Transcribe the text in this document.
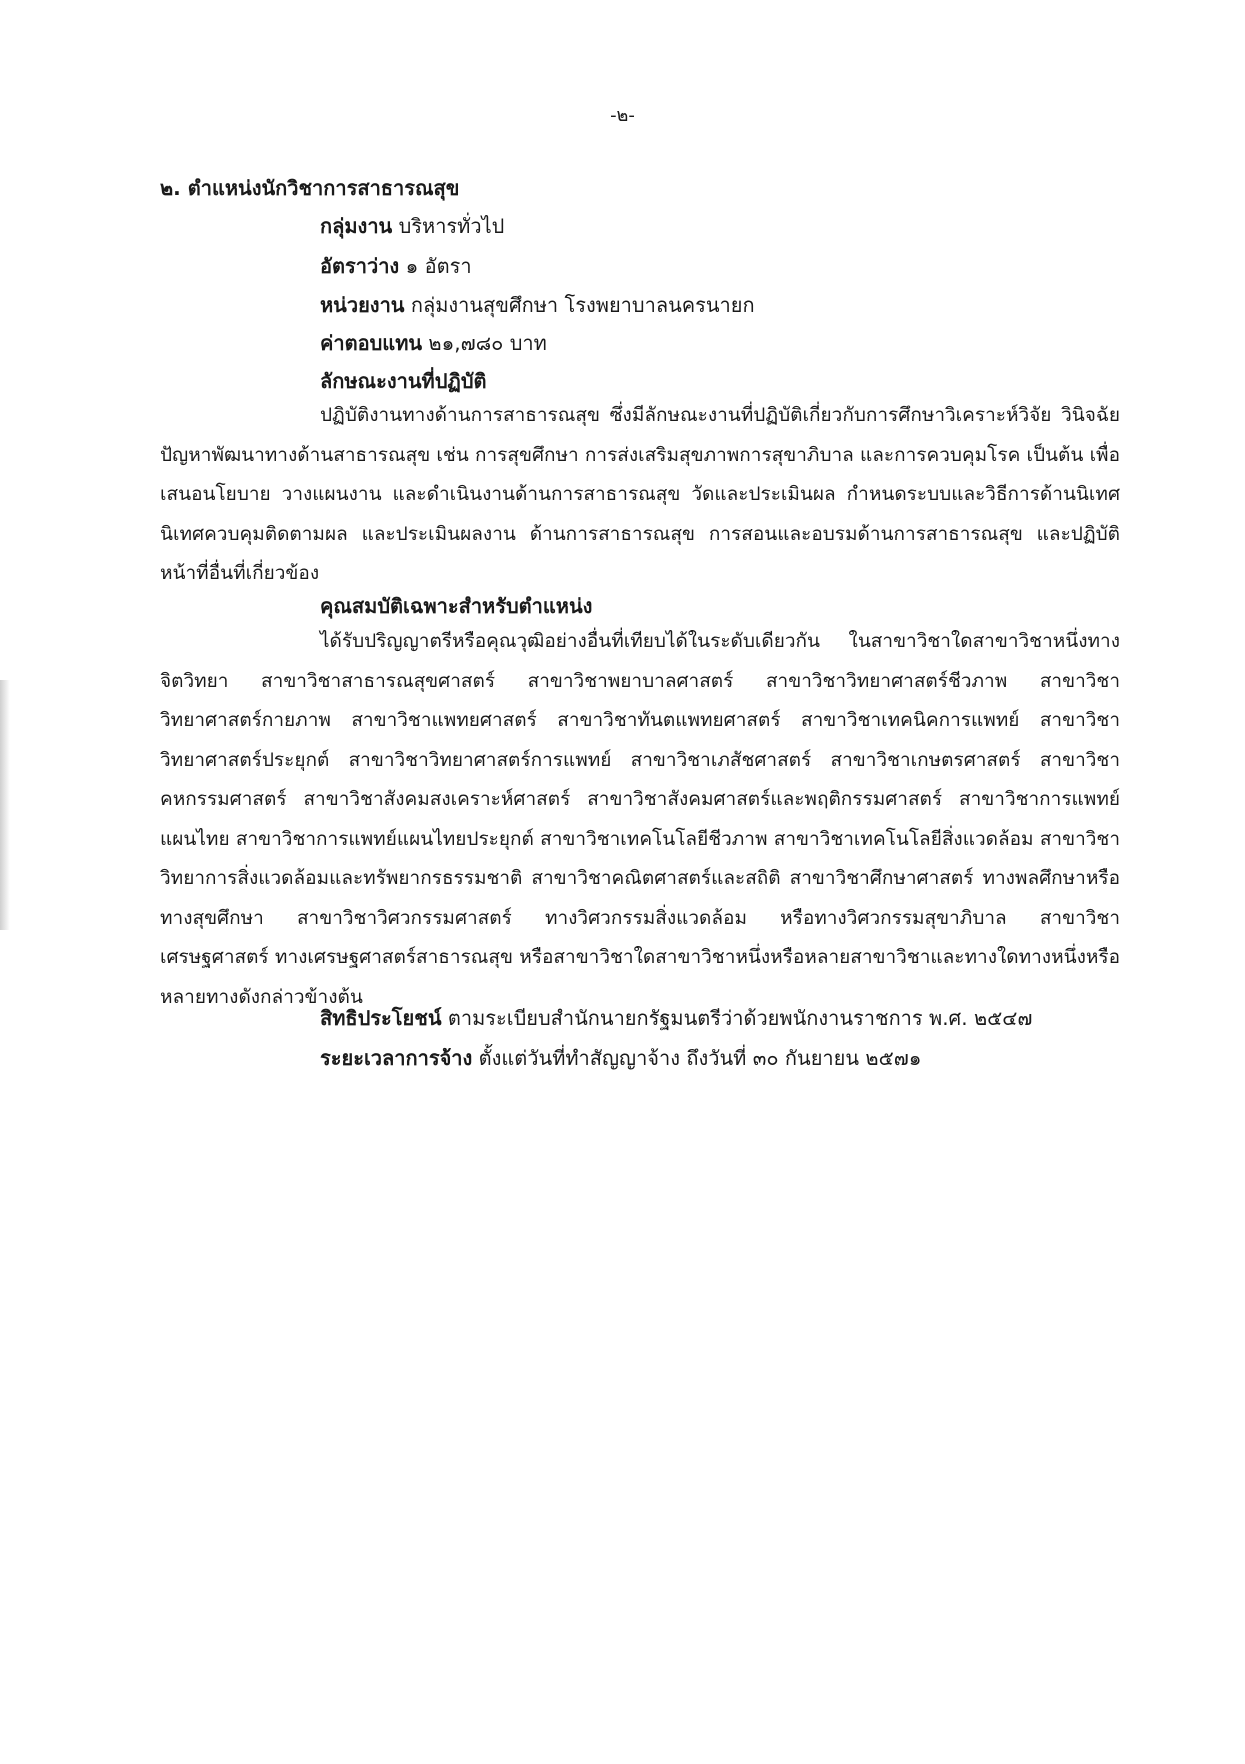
-๒-
๒. ตำแหน่งนักวิชาการสาธารณสุข
กลุ่มงาน บริหารทั่วไป
อัตราว่าง ๑ อัตรา
หน่วยงาน กลุ่มงานสุขศึกษา โรงพยาบาลนครนายก
ค่าตอบแทน ๒๑,๗๘๐ บาท
ลักษณะงานที่ปฏิบัติ

ปฏิบัติงานทางด้านการสาธารณสุข ซึ่งมีลักษณะงานที่ปฏิบัติเกี่ยวกับการศึกษาวิเคราะห์วิจัย วินิจฉัยปัญหาพัฒนาทางด้านสาธารณสุข เช่น การสุขศึกษา การส่งเสริมสุขภาพการสุขาภิบาล และการควบคุมโรค เป็นต้น เพื่อเสนอนโยบาย วางแผนงาน และดำเนินงานด้านการสาธารณสุข วัดและประเมินผล กำหนดระบบและวิธีการด้านนิเทศ นิเทศควบคุมติดตามผล และประเมินผลงาน ด้านการสาธารณสุข การสอนและอบรมด้านการสาธารณสุข และปฏิบัติหน้าที่อื่นที่เกี่ยวข้อง

คุณสมบัติเฉพาะสำหรับตำแหน่ง

ได้รับปริญญาตรีหรือคุณวุฒิอย่างอื่นที่เทียบได้ในระดับเดียวกัน ในสาขาวิชาใดสาขาวิชาหนึ่งทางจิตวิทยา สาขาวิชาสาธารณสุขศาสตร์ สาขาวิชาพยาบาลศาสตร์ สาขาวิชาวิทยาศาสตร์ชีวภาพ สาขาวิชาวิทยาศาสตร์กายภาพ สาขาวิชาแพทยศาสตร์ สาขาวิชาทันตแพทยศาสตร์ สาขาวิชาเทคนิคการแพทย์ สาขาวิชาวิทยาศาสตร์ประยุกต์ สาขาวิชาวิทยาศาสตร์การแพทย์ สาขาวิชาเภสัชศาสตร์ สาขาวิชาเกษตรศาสตร์ สาขาวิชาคหกรรมศาสตร์ สาขาวิชาสังคมสงเคราะห์ศาสตร์ สาขาวิชาสังคมศาสตร์และพฤติกรรมศาสตร์ สาขาวิชาการแพทย์แผนไทย สาขาวิชาการแพทย์แผนไทยประยุกต์ สาขาวิชาเทคโนโลยีชีวภาพ สาขาวิชาเทคโนโลยีสิ่งแวดล้อม สาขาวิชาวิทยาการสิ่งแวดล้อมและทรัพยากรธรรมชาติ สาขาวิชาคณิตศาสตร์และสถิติ สาขาวิชาศึกษาศาสตร์ ทางพลศึกษาหรือทางสุขศึกษา สาขาวิชาวิศวกรรมศาสตร์ ทางวิศวกรรมสิ่งแวดล้อม หรือทางวิศวกรรมสุขาภิบาล สาขาวิชาเศรษฐศาสตร์ ทางเศรษฐศาสตร์สาธารณสุข หรือสาขาวิชาใดสาขาวิชาหนึ่งหรือหลายสาขาวิชาและทางใดทางหนึ่งหรือหลายทางดังกล่าวข้างต้น

สิทธิประโยชน์ ตามระเบียบสำนักนายกรัฐมนตรีว่าด้วยพนักงานราชการ พ.ศ. ๒๕๔๗
ระยะเวลาการจ้าง ตั้งแต่วันที่ทำสัญญาจ้าง ถึงวันที่ ๓๐ กันยายน ๒๕๗๑
